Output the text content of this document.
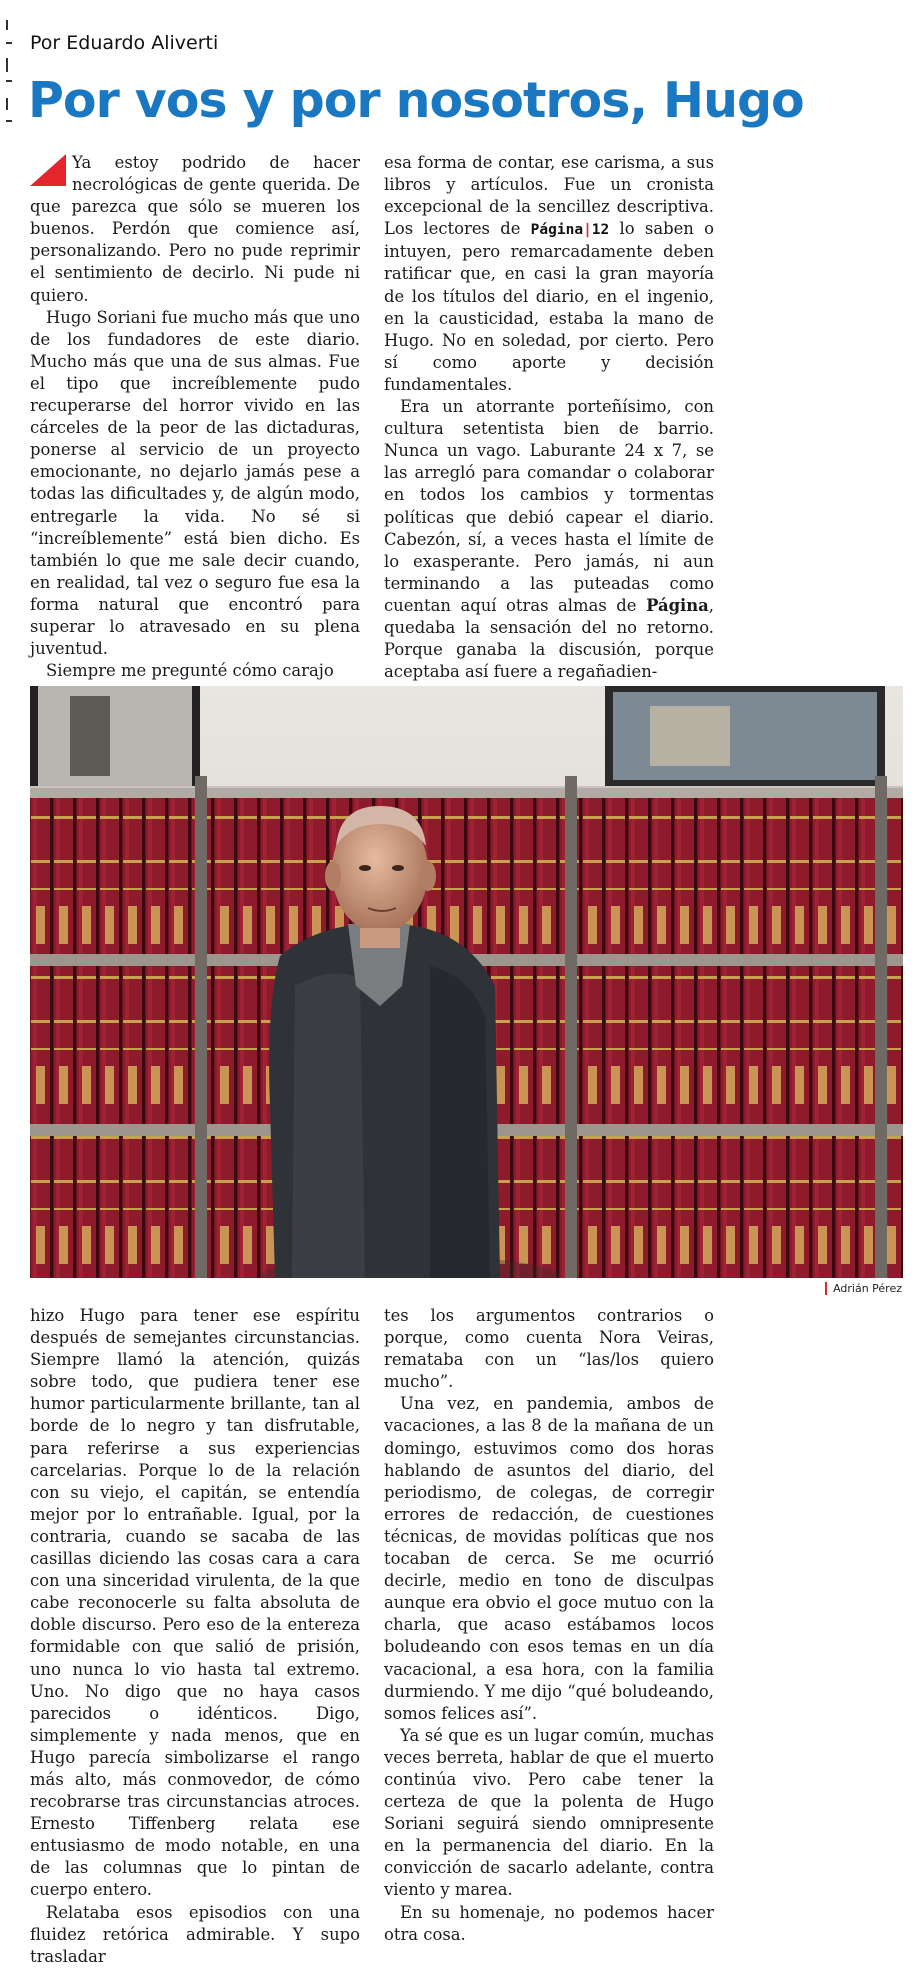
Por Eduardo Aliverti
Por vos y por nosotros, Hugo

Ya estoy podrido de hacer necrológicas de gente querida. De que parezca que sólo se mueren los buenos. Perdón que comience así, personalizando. Pero no pude reprimir el sentimiento de decirlo. Ni pude ni quiero.

Hugo Soriani fue mucho más que uno de los fundadores de este diario. Mucho más que una de sus almas. Fue el tipo que increíblemente pudo recuperarse del horror vivido en las cárceles de la peor de las dictaduras, ponerse al servicio de un proyecto emocionante, no dejarlo jamás pese a todas las dificultades y, de algún modo, entregarle la vida. No sé si “increíblemente” está bien dicho. Es también lo que me sale decir cuando, en realidad, tal vez o seguro fue esa la forma natural que encontró para superar lo atravesado en su plena juventud.

Siempre me pregunté cómo carajo

esa forma de contar, ese carisma, a sus libros y artículos. Fue un cronista excepcional de la sencillez descriptiva. Los lectores de Página|12 lo saben o intuyen, pero remarcadamente deben ratificar que, en casi la gran mayoría de los títulos del diario, en el ingenio, en la causticidad, estaba la mano de Hugo. No en soledad, por cierto. Pero sí como aporte y decisión fundamentales.

Era un atorrante porteñísimo, con cultura setentista bien de barrio. Nunca un vago. Laburante 24 x 7, se las arregló para comandar o colaborar en todos los cambios y tormentas políticas que debió capear el diario. Cabezón, sí, a veces hasta el límite de lo exasperante. Pero jamás, ni aun terminando a las puteadas como cuentan aquí otras almas de Página, quedaba la sensación del no retorno. Porque ganaba la discusión, porque aceptaba así fuere a regañadien-

Adrián Pérez

hizo Hugo para tener ese espíritu después de semejantes circunstancias. Siempre llamó la atención, quizás sobre todo, que pudiera tener ese humor particularmente brillante, tan al borde de lo negro y tan disfrutable, para referirse a sus experiencias carcelarias. Porque lo de la relación con su viejo, el capitán, se entendía mejor por lo entrañable. Igual, por la contraria, cuando se sacaba de las casillas diciendo las cosas cara a cara con una sinceridad virulenta, de la que cabe reconocerle su falta absoluta de doble discurso. Pero eso de la entereza formidable con que salió de prisión, uno nunca lo vio hasta tal extremo. Uno. No digo que no haya casos parecidos o idénticos. Digo, simplemente y nada menos, que en Hugo parecía simbolizarse el rango más alto, más conmovedor, de cómo recobrarse tras circunstancias atroces. Ernesto Tiffenberg relata ese entusiasmo de modo notable, en una de las columnas que lo pintan de cuerpo entero.

Relataba esos episodios con una fluidez retórica admirable. Y supo trasladar

tes los argumentos contrarios o porque, como cuenta Nora Veiras, remataba con un “las/los quiero mucho”.

Una vez, en pandemia, ambos de vacaciones, a las 8 de la mañana de un domingo, estuvimos como dos horas hablando de asuntos del diario, del periodismo, de colegas, de corregir errores de redacción, de cuestiones técnicas, de movidas políticas que nos tocaban de cerca. Se me ocurrió decirle, medio en tono de disculpas aunque era obvio el goce mutuo con la charla, que acaso estábamos locos boludeando con esos temas en un día vacacional, a esa hora, con la familia durmiendo. Y me dijo “qué boludeando, somos felices así”.

Ya sé que es un lugar común, muchas veces berreta, hablar de que el muerto continúa vivo. Pero cabe tener la certeza de que la polenta de Hugo Soriani seguirá siendo omnipresente en la permanencia del diario. En la convicción de sacarlo adelante, contra viento y marea.

En su homenaje, no podemos hacer otra cosa.
